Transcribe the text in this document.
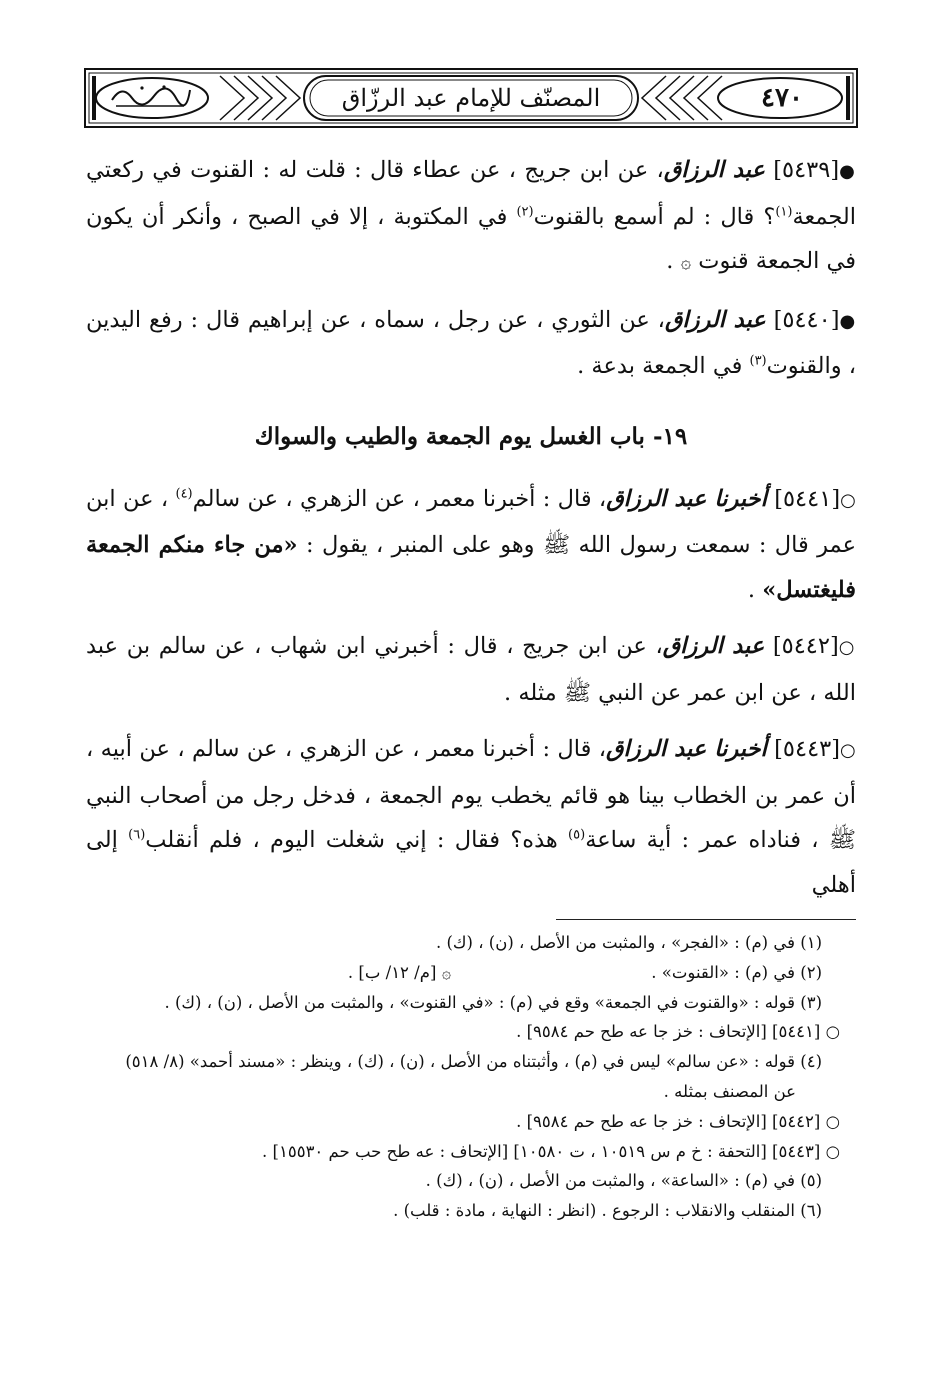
٤٧٠
المصنّف للإمام عبد الرزّاق

●[٥٤٣٩] عبد الرزاق، عن ابن جريج ، عن عطاء قال : قلت له : القنوت في ركعتي الجمعة$^{(١)}$؟ قال : لم أسمع بالقنوت$^{(٢)}$ في المكتوبة ، إلا في الصبح ، وأنكر أن يكون في الجمعة قنوت ۞ .

●[٥٤٤٠] عبد الرزاق، عن الثوري ، عن رجل ، سماه ، عن إبراهيم قال : رفع اليدين ، والقنوت$^{(٣)}$ في الجمعة بدعة .

١٩- باب الغسل يوم الجمعة والطيب والسواك

○[٥٤٤١] أخبرنا عبد الرزاق، قال : أخبرنا معمر ، عن الزهري ، عن سالم$^{(٤)}$ ، عن ابن عمر قال : سمعت رسول الله ﷺ وهو على المنبر ، يقول : «من جاء منكم الجمعة فليغتسل» .

○[٥٤٤٢] عبد الرزاق، عن ابن جريج ، قال : أخبرني ابن شهاب ، عن سالم بن عبد الله ، عن ابن عمر عن النبي ﷺ مثله .

○[٥٤٤٣] أخبرنا عبد الرزاق، قال : أخبرنا معمر ، عن الزهري ، عن سالم ، عن أبيه ، أن عمر بن الخطاب بينا هو قائم يخطب يوم الجمعة ، فدخل رجل من أصحاب النبي ﷺ ، فناداه عمر : أية ساعة$^{(٥)}$ هذه؟ فقال : إني شغلت اليوم ، فلم أنقلب$^{(٦)}$ إلى أهلي

(١) في (م) : «الفجر» ، والمثبت من الأصل ، (ن) ، (ك) .

(٢) في (م) : «القنوت» .۞ [م/ ١٢/ ب] .

(٣) قوله : «والقنوت في الجمعة» وقع في (م) : «في القنوت» ، والمثبت من الأصل ، (ن) ، (ك) .

○ [٥٤٤١] [الإتحاف : خز جا عه طح حم ٩٥٨٤] .

(٤) قوله : «عن سالم» ليس في (م) ، وأثبتناه من الأصل ، (ن) ، (ك) ، وينظر : «مسند أحمد» (٨/ ٥١٨)

عن المصنف بمثله .

○ [٥٤٤٢] [الإتحاف : خز جا عه طح حم ٩٥٨٤] .

○ [٥٤٤٣] [التحفة : خ م س ١٠٥١٩ ، ت ١٠٥٨٠] [الإتحاف : عه طح حب حم ١٥٥٣٠] .

(٥) في (م) : «الساعة» ، والمثبت من الأصل ، (ن) ، (ك) .

(٦) المنقلب والانقلاب : الرجوع . (انظر : النهاية ، مادة : قلب) .
